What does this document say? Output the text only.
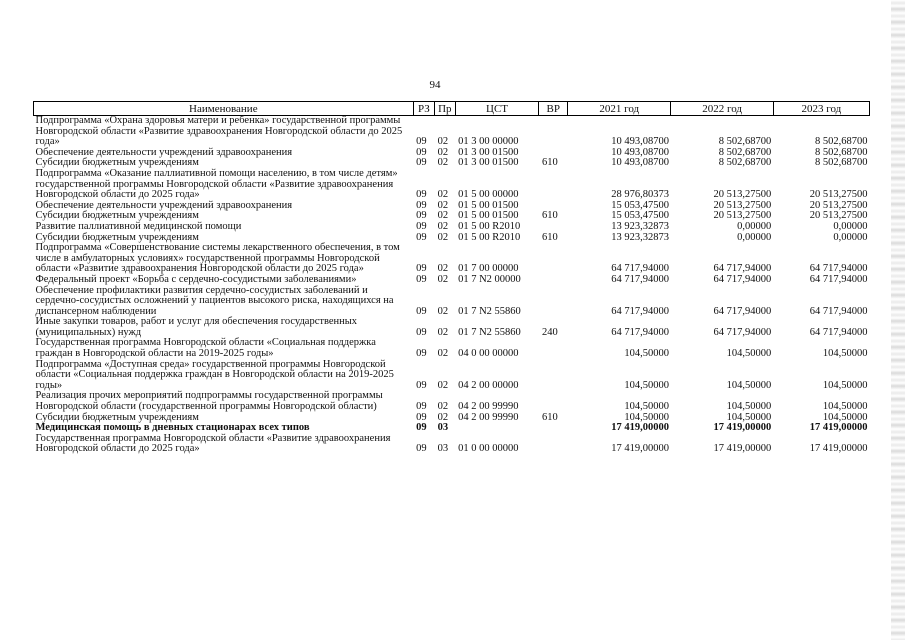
94
Наименование	РЗ	Пр	ЦСТ	ВР	2021 год	2022 год	2023 год
Подпрограмма «Охрана здоровья матери и ребенка» государственной программы Новгородской области «Развитие здравоохранения Новгородской области до 2025 года»	09	02	01 3 00 00000		10 493,08700	8 502,68700	8 502,68700
Обеспечение деятельности учреждений здравоохранения	09	02	01 3 00 01500		10 493,08700	8 502,68700	8 502,68700
Субсидии бюджетным учреждениям	09	02	01 3 00 01500	610	10 493,08700	8 502,68700	8 502,68700
Подпрограмма «Оказание паллиативной помощи населению, в том числе детям» государственной программы Новгородской области «Развитие здравоохранения Новгородской области до 2025 года»	09	02	01 5 00 00000		28 976,80373	20 513,27500	20 513,27500
Обеспечение деятельности учреждений здравоохранения	09	02	01 5 00 01500		15 053,47500	20 513,27500	20 513,27500
Субсидии бюджетным учреждениям	09	02	01 5 00 01500	610	15 053,47500	20 513,27500	20 513,27500
Развитие паллиативной медицинской помощи	09	02	01 5 00 R2010		13 923,32873	0,00000	0,00000
Субсидии бюджетным учреждениям	09	02	01 5 00 R2010	610	13 923,32873	0,00000	0,00000
Подпрограмма «Совершенствование системы лекарственного обеспечения, в том числе в амбулаторных условиях» государственной программы Новгородской области «Развитие здравоохранения Новгородской области до 2025 года»	09	02	01 7 00 00000		64 717,94000	64 717,94000	64 717,94000
Федеральный проект «Борьба с сердечно-сосудистыми заболеваниями»	09	02	01 7 N2 00000		64 717,94000	64 717,94000	64 717,94000
Обеспечение профилактики развития сердечно-сосудистых заболеваний и сердечно-сосудистых осложнений у пациентов высокого риска, находящихся на диспансерном наблюдении	09	02	01 7 N2 55860		64 717,94000	64 717,94000	64 717,94000
Иные закупки товаров, работ и услуг для обеспечения государственных (муниципальных) нужд	09	02	01 7 N2 55860	240	64 717,94000	64 717,94000	64 717,94000
Государственная программа Новгородской области «Социальная поддержка граждан в Новгородской области на 2019-2025 годы»	09	02	04 0 00 00000		104,50000	104,50000	104,50000
Подпрограмма «Доступная среда» государственной программы Новгородской области «Социальная поддержка граждан в Новгородской области на 2019-2025 годы»	09	02	04 2 00 00000		104,50000	104,50000	104,50000
Реализация прочих мероприятий подпрограммы государственной программы Новгородской области (государственной программы Новгородской области)	09	02	04 2 00 99990		104,50000	104,50000	104,50000
Субсидии бюджетным учреждениям	09	02	04 2 00 99990	610	104,50000	104,50000	104,50000
Медицинская помощь в дневных стационарах всех типов	09	03			17 419,00000	17 419,00000	17 419,00000
Государственная программа Новгородской области «Развитие здравоохранения Новгородской области до 2025 года»	09	03	01 0 00 00000		17 419,00000	17 419,00000	17 419,00000
